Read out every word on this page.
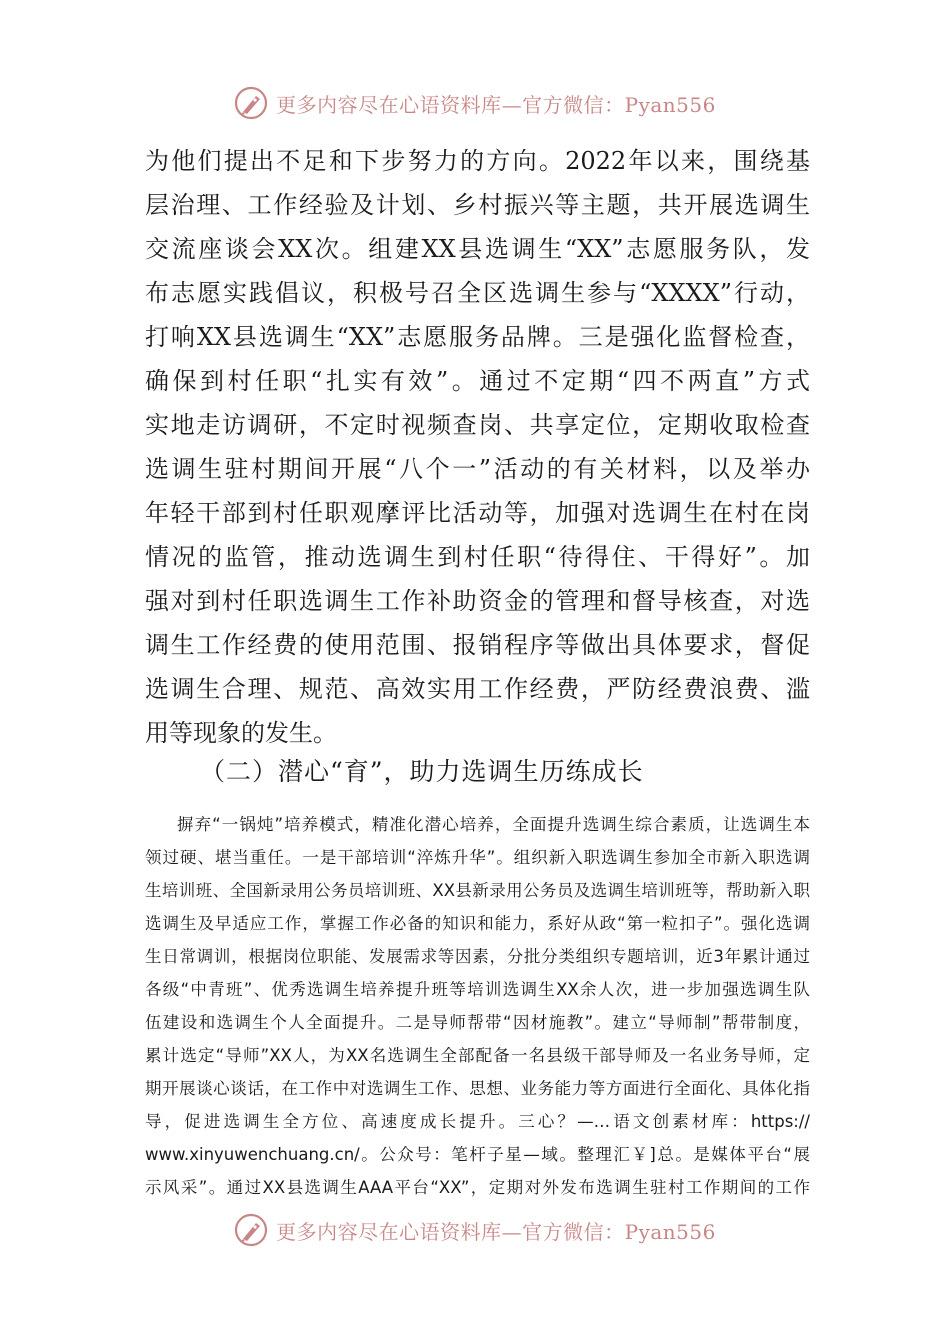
更多内容尽在心语资料库—官方微信：Pyan556
为他们提出不足和下步努力的方向。2022年以来，围绕基
层治理、工作经验及计划、乡村振兴等主题，共开展选调生
交流座谈会XX次。组建XX县选调生“XX”志愿服务队，发
布志愿实践倡议，积极号召全区选调生参与“XXXX”行动，
打响XX县选调生“XX”志愿服务品牌。三是强化监督检查，
确保到村任职“扎实有效”。通过不定期“四不两直”方式
实地走访调研，不定时视频查岗、共享定位，定期收取检查
选调生驻村期间开展“八个一”活动的有关材料，以及举办
年轻干部到村任职观摩评比活动等，加强对选调生在村在岗
情况的监管，推动选调生到村任职“待得住、干得好”。加
强对到村任职选调生工作补助资金的管理和督导核查，对选
调生工作经费的使用范围、报销程序等做出具体要求，督促
选调生合理、规范、高效实用工作经费，严防经费浪费、滥
用等现象的发生。
（二）潜心“育”，助力选调生历练成长
摒弃“一锅炖”培养模式，精准化潜心培养，全面提升选调生综合素质，让选调生本
领过硬、堪当重任。一是干部培训“淬炼升华”。组织新入职选调生参加全市新入职选调
生培训班、全国新录用公务员培训班、XX县新录用公务员及选调生培训班等，帮助新入职
选调生及早适应工作，掌握工作必备的知识和能力，系好从政“第一粒扣子”。强化选调
生日常调训，根据岗位职能、发展需求等因素，分批分类组织专题培训，近3年累计通过
各级“中青班”、优秀选调生培养提升班等培训选调生XX余人次，进一步加强选调生队
伍建设和选调生个人全面提升。二是导师帮带“因材施教”。建立“导师制”帮带制度，
累计选定“导师”XX人，为XX名选调生全部配备一名县级干部导师及一名业务导师，定
期开展谈心谈话，在工作中对选调生工作、思想、业务能力等方面进行全面化、具体化指
导，促进选调生全方位、高速度成长提升。三心？—…语文创素材库：https://
www.xinyuwenchuang.cn/。公众号：笔杆子星—域。整理汇￥]总。是媒体平台“展
示风采”。通过XX县选调生AAA平台“XX”，定期对外发布选调生驻村工作期间的工作
更多内容尽在心语资料库—官方微信：Pyan556
